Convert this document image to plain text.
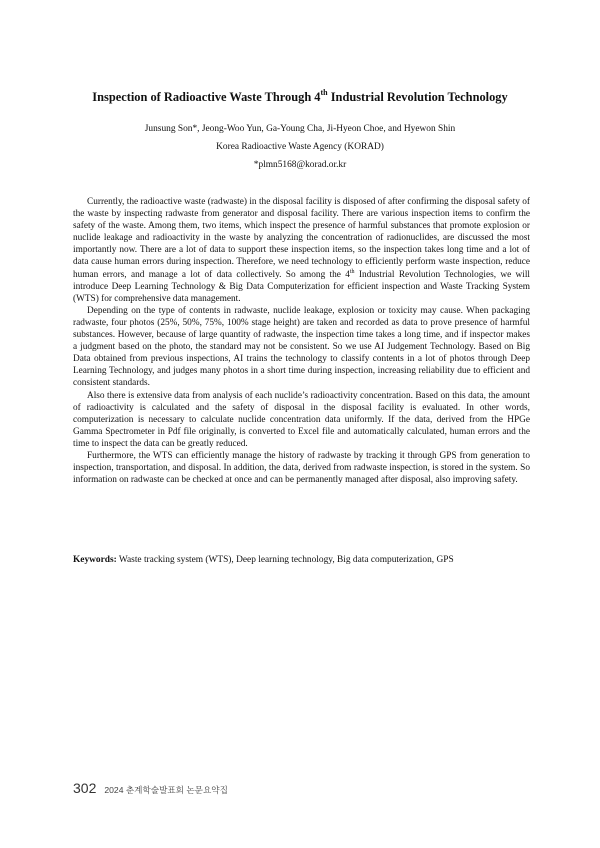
Inspection of Radioactive Waste Through 4th Industrial Revolution Technology
Junsung Son*, Jeong-Woo Yun, Ga-Young Cha, Ji-Hyeon Choe, and Hyewon Shin
Korea Radioactive Waste Agency (KORAD)
*plmn5168@korad.or.kr

Currently, the radioactive waste (radwaste) in the disposal facility is disposed of after confirming the disposal safety of the waste by inspecting radwaste from generator and disposal facility. There are various inspection items to confirm the safety of the waste. Among them, two items, which inspect the presence of harmful substances that promote explosion or nuclide leakage and radioactivity in the waste by analyzing the concentration of radionuclides, are discussed the most importantly now. There are a lot of data to support these inspection items, so the inspection takes long time and a lot of data cause human errors during inspection. Therefore, we need technology to efficiently perform waste inspection, reduce human errors, and manage a lot of data collectively. So among the 4th Industrial Revolution Technologies, we will introduce Deep Learning Technology & Big Data Computerization for efficient inspection and Waste Tracking System (WTS) for comprehensive data management.

Depending on the type of contents in radwaste, nuclide leakage, explosion or toxicity may cause. When packaging radwaste, four photos (25%, 50%, 75%, 100% stage height) are taken and recorded as data to prove presence of harmful substances. However, because of large quantity of radwaste, the inspection time takes a long time, and if inspector makes a judgment based on the photo, the standard may not be consistent. So we use AI Judgement Technology. Based on Big Data obtained from previous inspections, AI trains the technology to classify contents in a lot of photos through Deep Learning Technology, and judges many photos in a short time during inspection, increasing reliability due to efficient and consistent standards.

Also there is extensive data from analysis of each nuclide’s radioactivity concentration. Based on this data, the amount of radioactivity is calculated and the safety of disposal in the disposal facility is evaluated. In other words, computerization is necessary to calculate nuclide concentration data uniformly. If the data, derived from the HPGe Gamma Spectrometer in Pdf file originally, is converted to Excel file and automatically calculated, human errors and the time to inspect the data can be greatly reduced.

Furthermore, the WTS can efficiently manage the history of radwaste by tracking it through GPS from generation to inspection, transportation, and disposal. In addition, the data, derived from radwaste inspection, is stored in the system. So information on radwaste can be checked at once and can be permanently managed after disposal, also improving safety.

Keywords: Waste tracking system (WTS), Deep learning technology, Big data computerization, GPS
302 2024 춘계학술발표회 논문요약집
